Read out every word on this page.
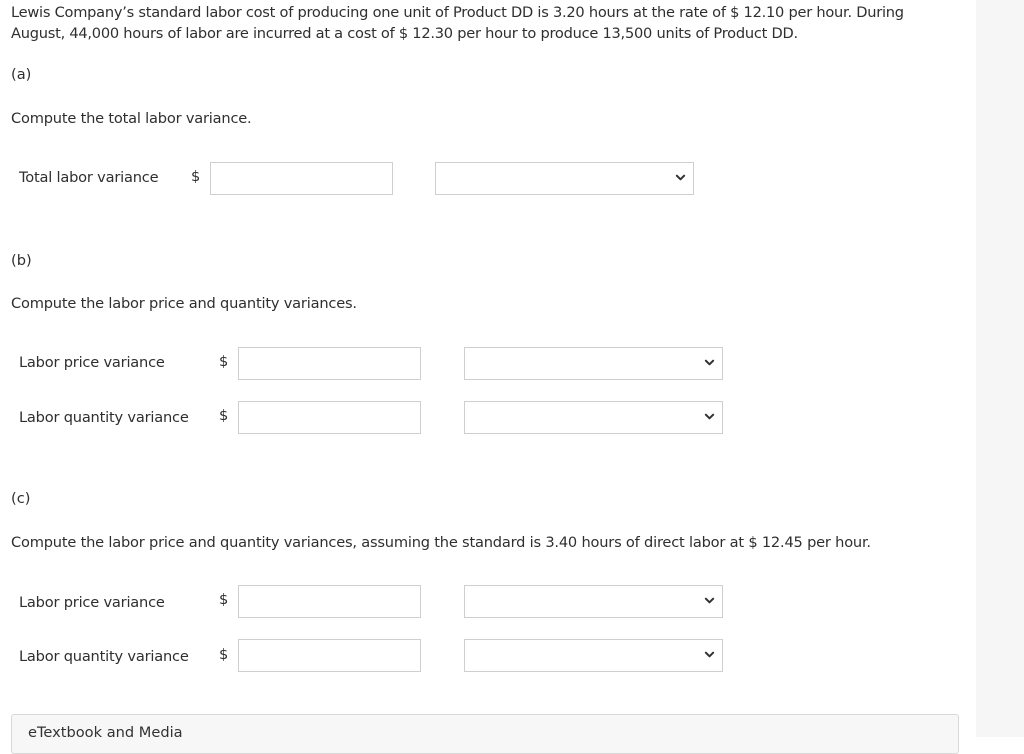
Lewis Company’s standard labor cost of producing one unit of Product DD is 3.20 hours at the rate of $ 12.10 per hour. During
August, 44,000 hours of labor are incurred at a cost of $ 12.30 per hour to produce 13,500 units of Product DD.

(a)

Compute the total labor variance.

Total labor variance $

(b)

Compute the labor price and quantity variances.

Labor price variance	$
Labor quantity variance $

(c)

Compute the labor price and quantity variances, assuming the standard is 3.40 hours of direct labor at $ 12.45 per hour.

Labor price variance	$
Labor quantity variance $
eTextbook and Media
